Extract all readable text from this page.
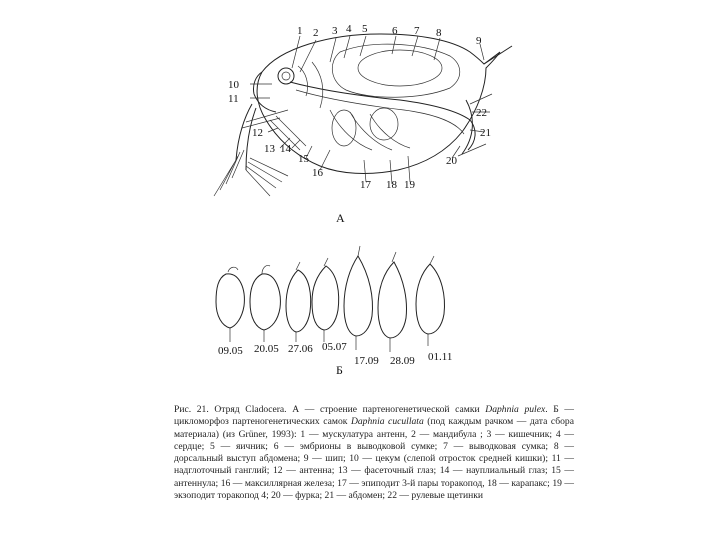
1 2 3 4 5 6 7 8
9
10
11
12
13 14
15
16
17 18 19
20
21
22
А
09.05 20.05 27.06 05.07
17.09 28.09 01.11
Б

Рис. 21. Отряд Cladocera. А — строение партеногенетической самки Daphnia pulex. Б — цикломорфоз партеногенетических самок Daphnia cucullata (под каждым рачком — дата сбора материала) (из Grüner, 1993): 1 — мускулатура антенн, 2 — мандибула ; 3 — кишечник; 4 — сердце; 5 — яичник; 6 — эмбрионы в выводковой сумке; 7 — выводковая сумка; 8 — дорсальный выступ абдомена; 9 — шип; 10 — цекум (слепой отросток средней кишки); 11 — надглоточный ганглий; 12 — антенна; 13 — фасеточный глаз; 14 — науплиальный глаз; 15 — антеннула; 16 — максиллярная железа; 17 — эпиподит 3-й пары торакопод, 18 — карапакс; 19 — экзоподит торакопод 4; 20 — фурка; 21 — абдомен; 22 — рулевые щетинки
